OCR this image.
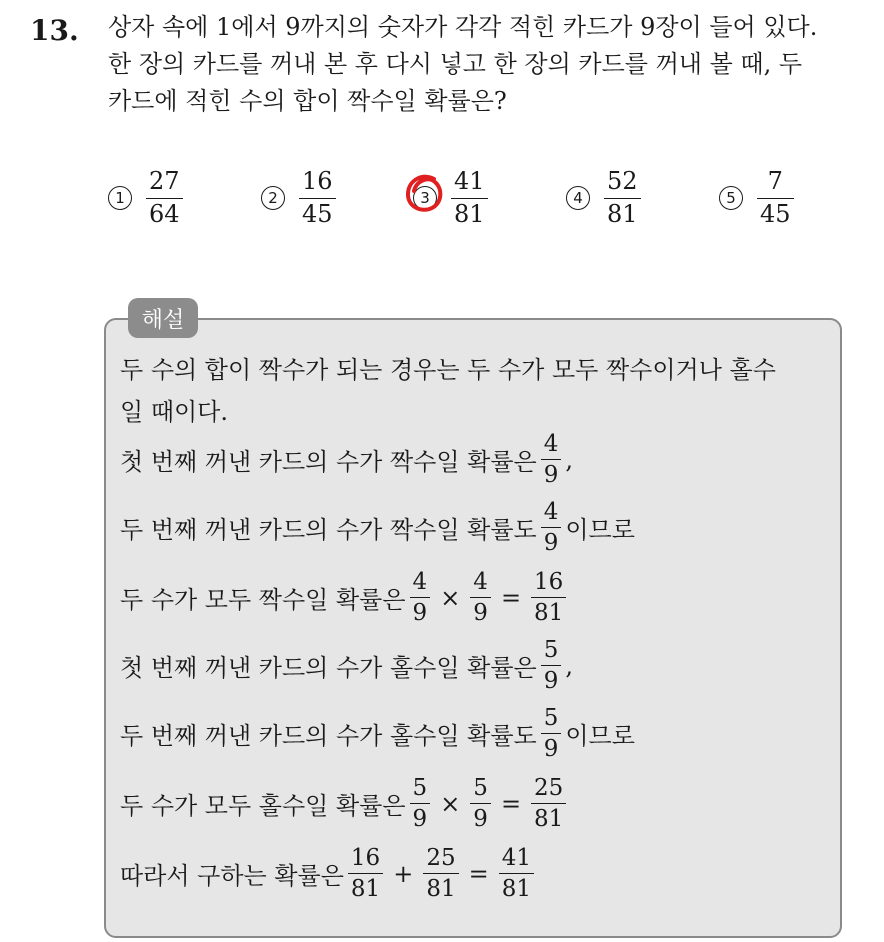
13. 상자 속에 1에서 9까지의 숫자가 각각 적힌 카드가 9장이 들어 있다.
한 장의 카드를 꺼내 본 후 다시 넣고 한 장의 카드를 꺼내 볼 때, 두
카드에 적힌 수의 합이 짝수일 확률은?
$1 \frac{27}{64}$	$2 \frac{16}{45}$	$3 \frac{41}{81}$	$4 \frac{52}{81}$	$5 \frac{7}{45}$
해설
두 수의 합이 짝수가 되는 경우는 두 수가 모두 짝수이거나 홀수
일 때이다.
첫 번째 꺼낸 카드의 수가 짝수일 확률은 $\frac{4}{9}$ ,
두 번째 꺼낸 카드의 수가 짝수일 확률도 $\frac{4}{9}$ 이므로
두 수가 모두 짝수일 확률은 $\frac{4}{9} \times \frac{4}{9} = \frac{16}{81}$
첫 번째 꺼낸 카드의 수가 홀수일 확률은 $\frac{5}{9}$ ,
두 번째 꺼낸 카드의 수가 홀수일 확률도 $\frac{5}{9}$ 이므로
두 수가 모두 홀수일 확률은 $\frac{5}{9} \times \frac{5}{9} = \frac{25}{81}$
따라서 구하는 확률은 $\frac{16}{81} + \frac{25}{81} = \frac{41}{81}$
